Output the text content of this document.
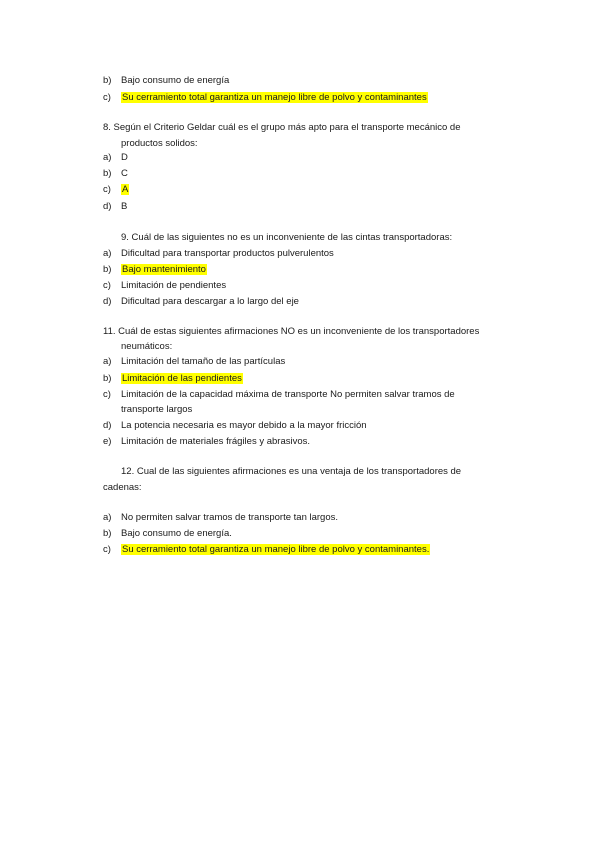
b) Bajo consumo de energía
c) Su cerramiento total garantiza un manejo libre de polvo y contaminantes
8. Según el Criterio Geldar cuál es el grupo más apto para el transporte mecánico de
productos solidos:
a) D
b) C
c) A
d) B
9. Cuál de las siguientes no es un inconveniente de las cintas transportadoras:
a) Dificultad para transportar productos pulverulentos
b) Bajo mantenimiento
c) Limitación de pendientes
d) Dificultad para descargar a lo largo del eje
11. Cuál de estas siguientes afirmaciones NO es un inconveniente de los transportadores
neumáticos:
a) Limitación del tamaño de las partículas
b) Limitación de las pendientes
c) Limitación de la capacidad máxima de transporte No permiten salvar tramos de
transporte largos
d) La potencia necesaria es mayor debido a la mayor fricción
e) Limitación de materiales frágiles y abrasivos.
12. Cual de las siguientes afirmaciones es una ventaja de los transportadores de
cadenas:
a) No permiten salvar tramos de transporte tan largos.
b) Bajo consumo de energía.
c) Su cerramiento total garantiza un manejo libre de polvo y contaminantes.
